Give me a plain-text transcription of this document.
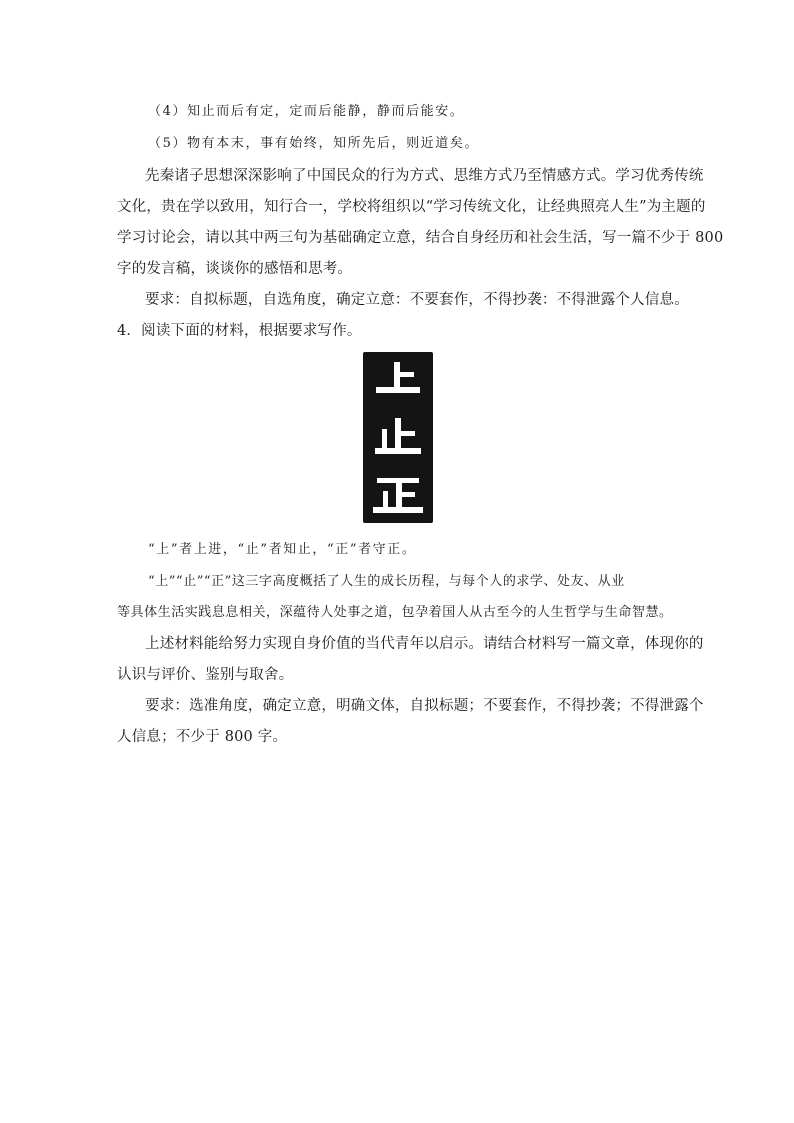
（4）知止而后有定，定而后能静，静而后能安。
（5）物有本末，事有始终，知所先后，则近道矣。
先秦诸子思想深深影响了中国民众的行为方式、思维方式乃至情感方式。学习优秀传统
文化，贵在学以致用，知行合一，学校将组织以“学习传统文化，让经典照亮人生”为主题的
学习讨论会，请以其中两三句为基础确定立意，结合自身经历和社会生活，写一篇不少于 800
字的发言稿，谈谈你的感悟和思考。
要求：自拟标题，自选角度，确定立意：不要套作，不得抄袭：不得泄露个人信息。
4．阅读下面的材料，根据要求写作。
“上”者上进，“止”者知止，“正”者守正。
“上”“止”“正”这三字高度概括了人生的成长历程，与每个人的求学、处友、从业
等具体生活实践息息相关，深蕴待人处事之道，包孕着国人从古至今的人生哲学与生命智慧。
上述材料能给努力实现自身价值的当代青年以启示。请结合材料写一篇文章，体现你的
认识与评价、鉴别与取舍。
要求：选准角度，确定立意，明确文体，自拟标题；不要套作，不得抄袭；不得泄露个
人信息；不少于 800 字。
